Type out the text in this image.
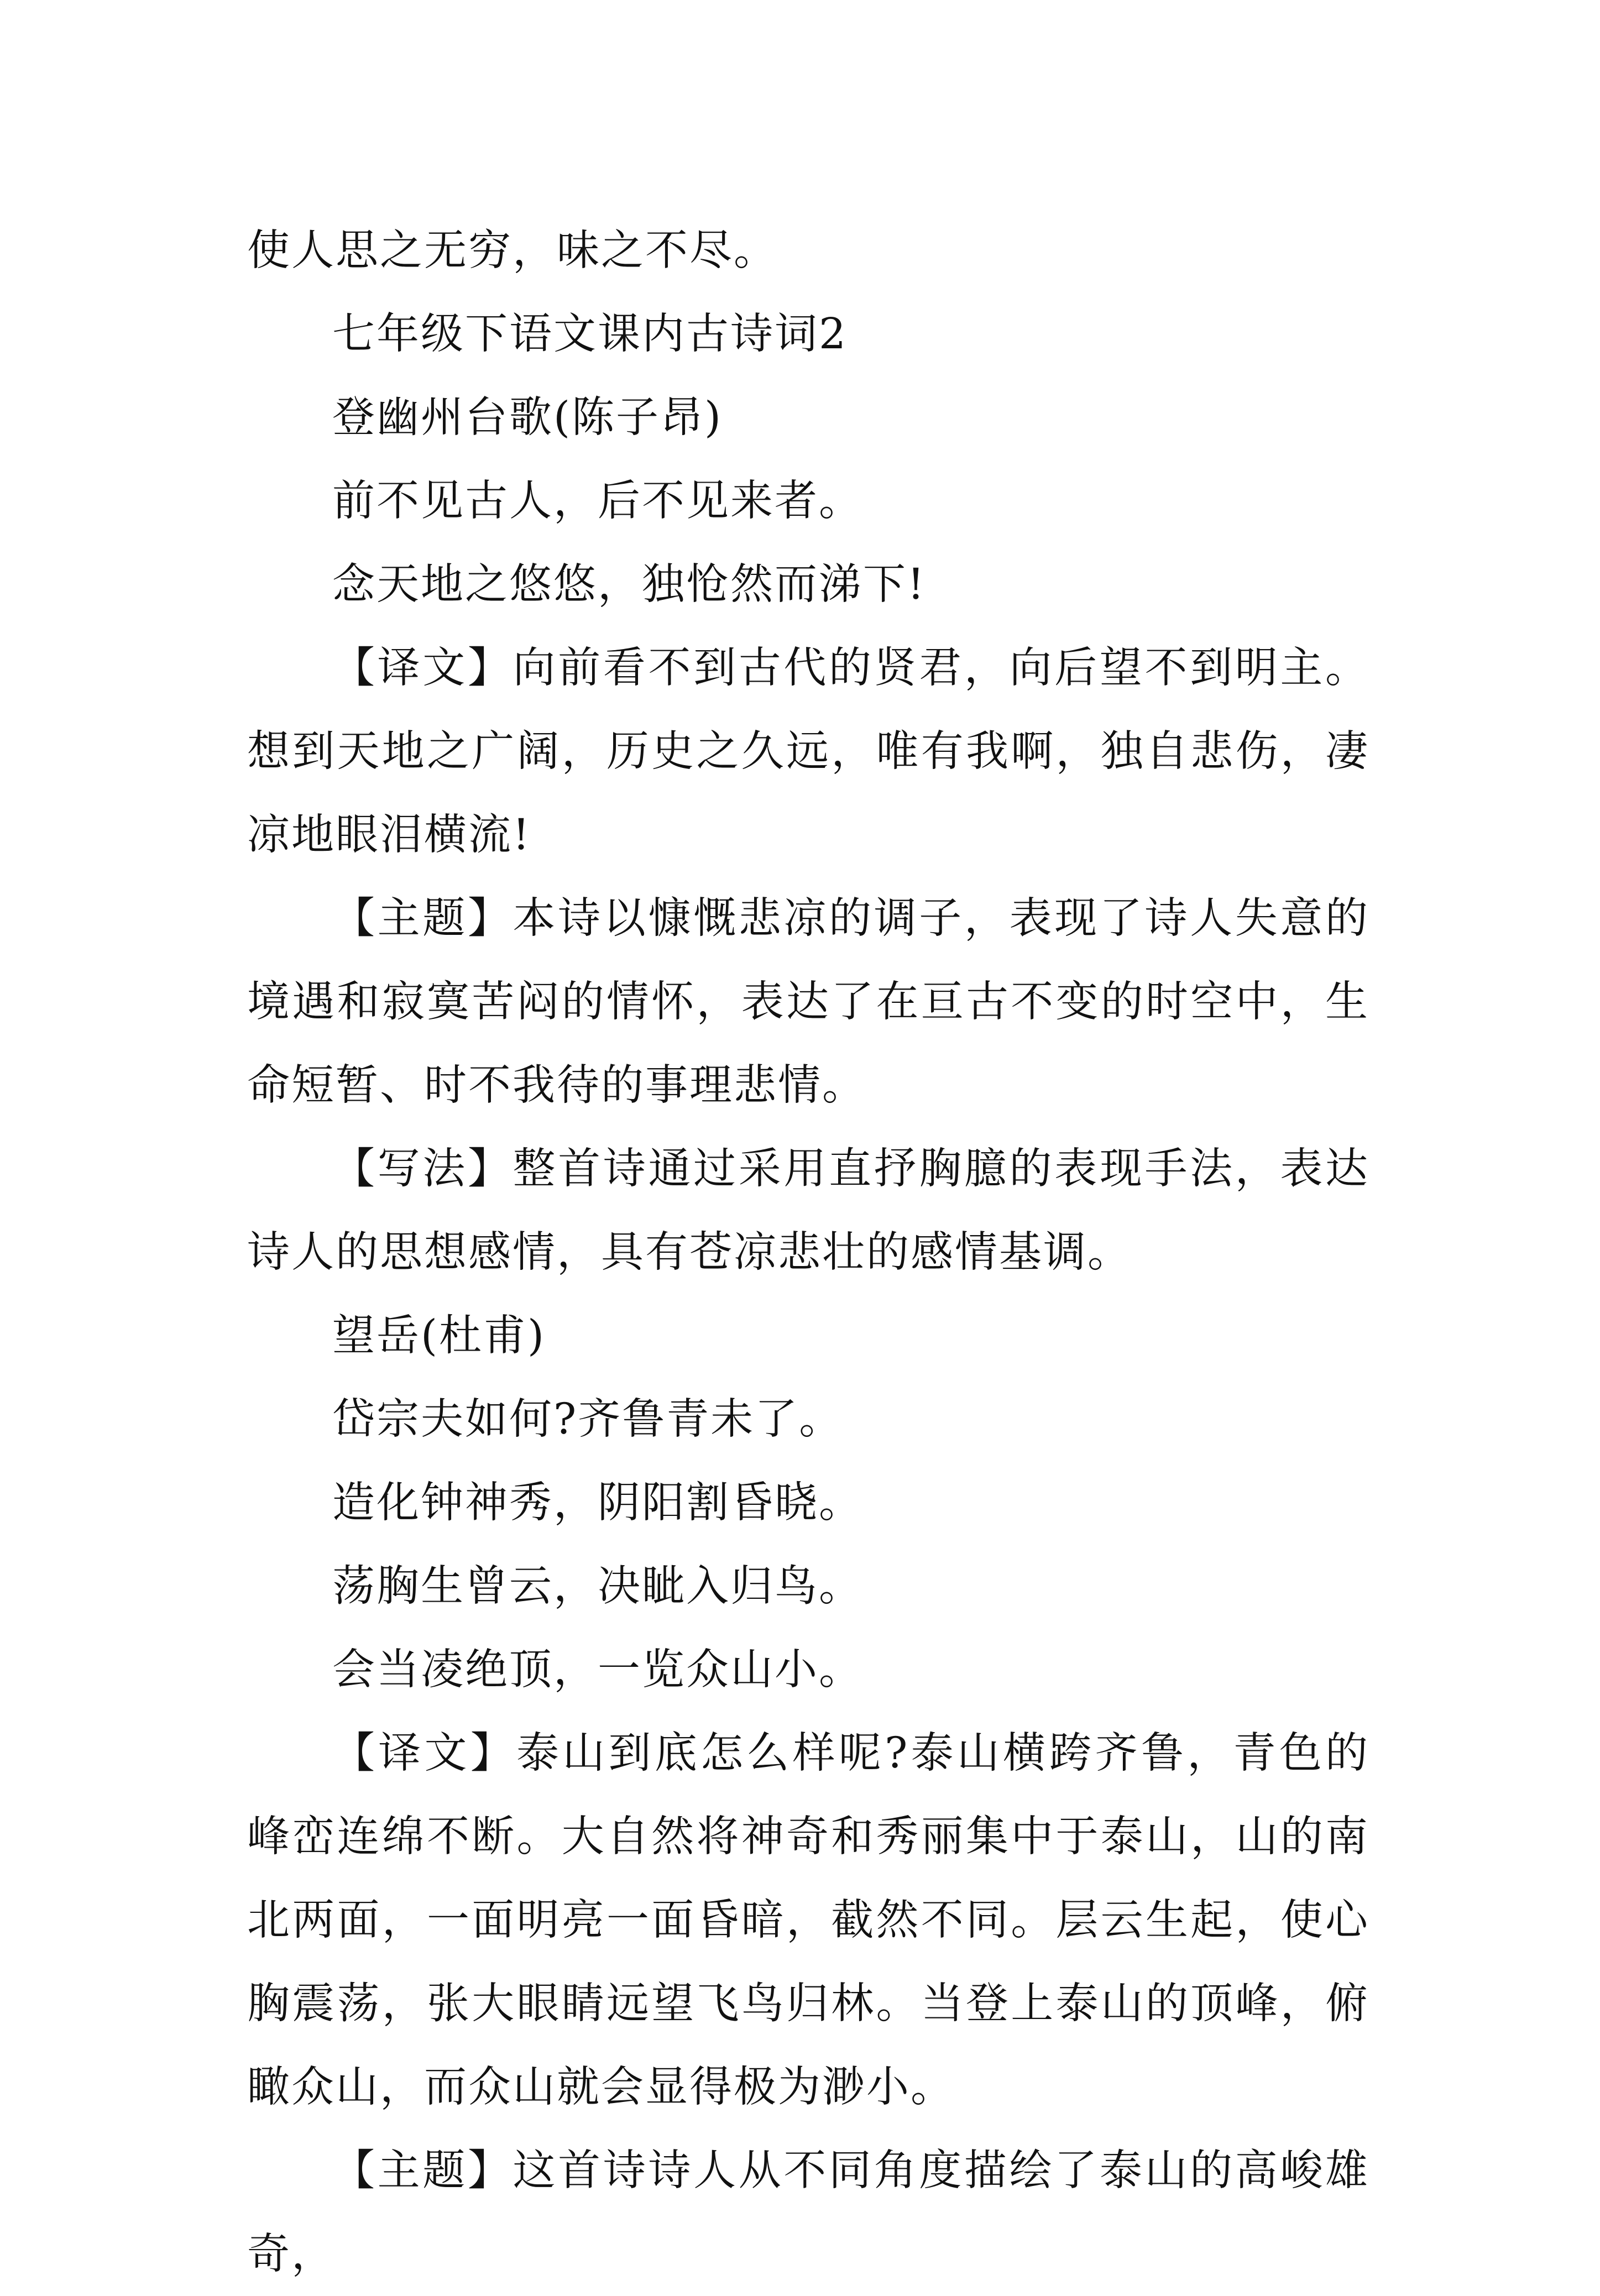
使人思之无穷，味之不尽。

七年级下语文课内古诗词2

登幽州台歌(陈子昂)

前不见古人，后不见来者。

念天地之悠悠，独怆然而涕下!

【译文】向前看不到古代的贤君，向后望不到明主。想到天地之广阔，历史之久远，唯有我啊，独自悲伤，凄凉地眼泪横流!

【主题】本诗以慷慨悲凉的调子，表现了诗人失意的境遇和寂寞苦闷的情怀，表达了在亘古不变的时空中，生命短暂、时不我待的事理悲情。

【写法】整首诗通过采用直抒胸臆的表现手法，表达诗人的思想感情，具有苍凉悲壮的感情基调。

望岳(杜甫)

岱宗夫如何?齐鲁青未了。

造化钟神秀，阴阳割昏晓。

荡胸生曾云，决眦入归鸟。

会当凌绝顶，一览众山小。

【译文】泰山到底怎么样呢?泰山横跨齐鲁，青色的峰峦连绵不断。大自然将神奇和秀丽集中于泰山，山的南北两面，一面明亮一面昏暗，截然不同。层云生起，使心胸震荡，张大眼睛远望飞鸟归林。当登上泰山的顶峰，俯瞰众山，而众山就会显得极为渺小。

【主题】这首诗诗人从不同角度描绘了泰山的高峻雄奇，
